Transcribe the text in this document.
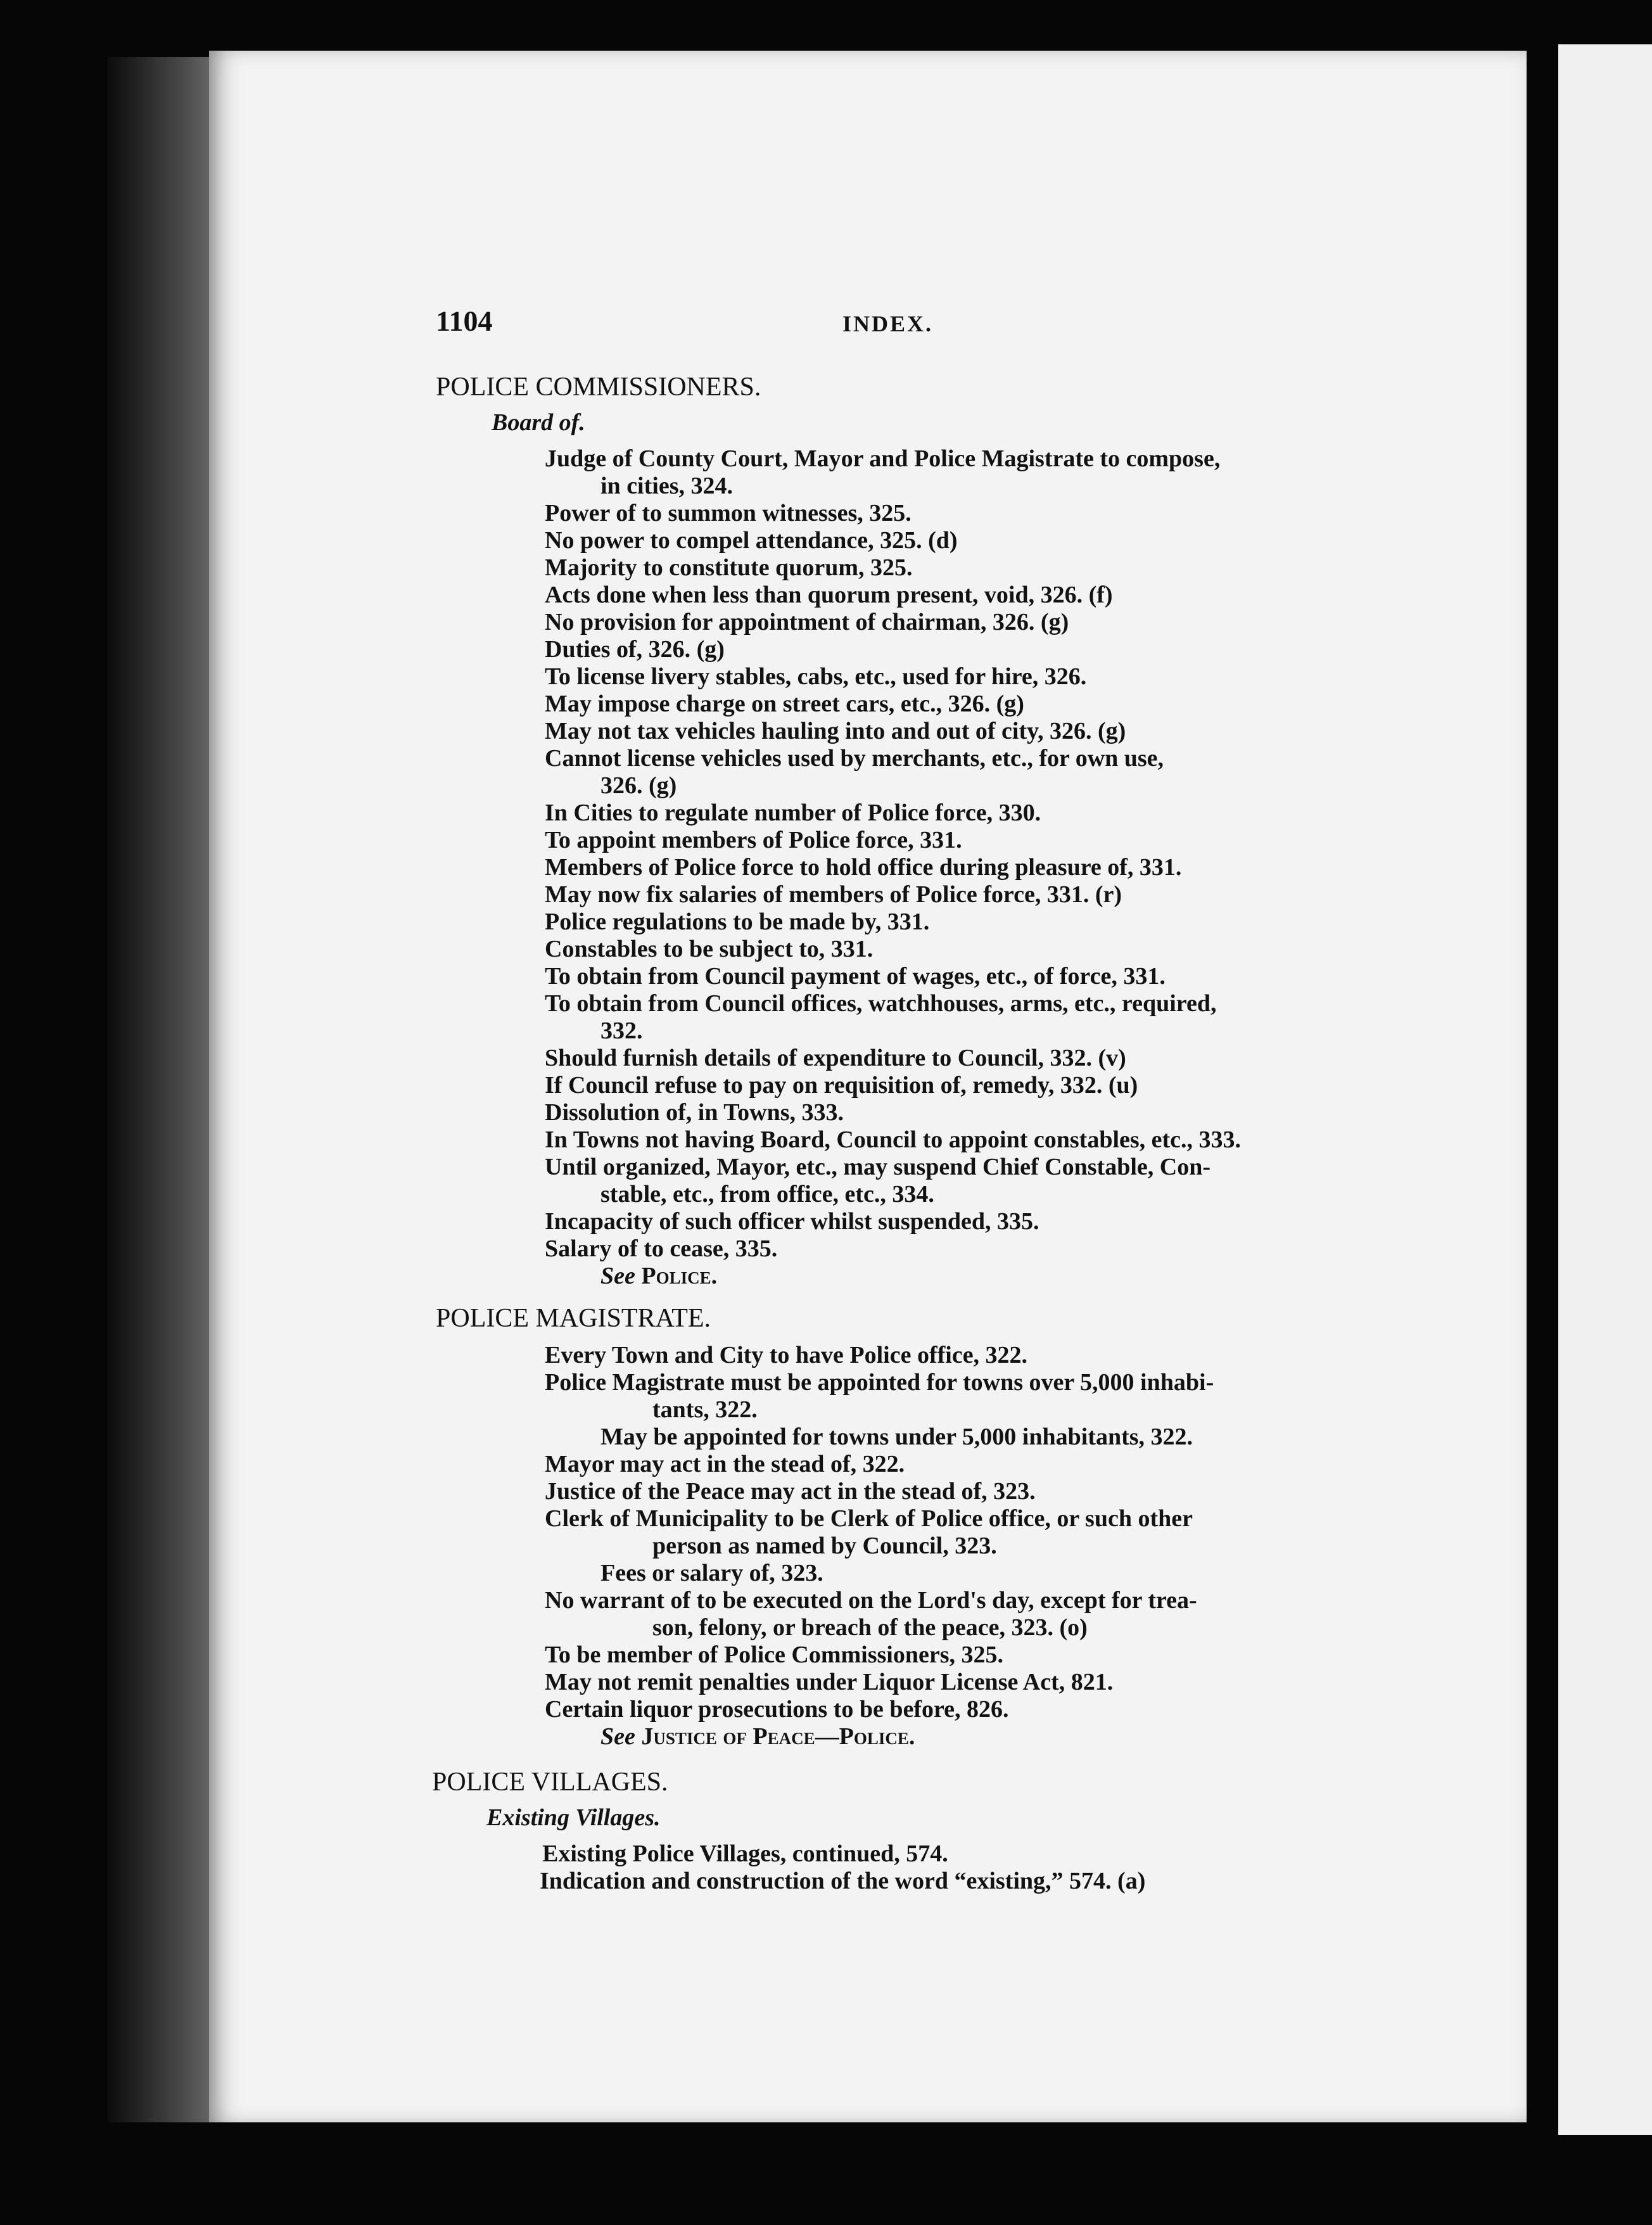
1104	INDEX.
POLICE COMMISSIONERS.
Board of.
Judge of County Court, Mayor and Police Magistrate to compose,
in cities, 324.
Power of to summon witnesses, 325.
No power to compel attendance, 325. (d)
Majority to constitute quorum, 325.
Acts done when less than quorum present, void, 326. (f)
No provision for appointment of chairman, 326. (g)
Duties of, 326. (g)
To license livery stables, cabs, etc., used for hire, 326.
May impose charge on street cars, etc., 326. (g)
May not tax vehicles hauling into and out of city, 326. (g)
Cannot license vehicles used by merchants, etc., for own use,
326. (g)
In Cities to regulate number of Police force, 330.
To appoint members of Police force, 331.
Members of Police force to hold office during pleasure of, 331.
May now fix salaries of members of Police force, 331. (r)
Police regulations to be made by, 331.
Constables to be subject to, 331.
To obtain from Council payment of wages, etc., of force, 331.
To obtain from Council offices, watchhouses, arms, etc., required,
332.
Should furnish details of expenditure to Council, 332. (v)
If Council refuse to pay on requisition of, remedy, 332. (u)
Dissolution of, in Towns, 333.
In Towns not having Board, Council to appoint constables, etc., 333.
Until organized, Mayor, etc., may suspend Chief Constable, Con-
stable, etc., from office, etc., 334.
Incapacity of such officer whilst suspended, 335.
Salary of to cease, 335.
See Police.
POLICE MAGISTRATE.
Every Town and City to have Police office, 322.
Police Magistrate must be appointed for towns over 5,000 inhabi-
tants, 322.
May be appointed for towns under 5,000 inhabitants, 322.
Mayor may act in the stead of, 322.
Justice of the Peace may act in the stead of, 323.
Clerk of Municipality to be Clerk of Police office, or such other
person as named by Council, 323.
Fees or salary of, 323.
No warrant of to be executed on the Lord's day, except for trea-
son, felony, or breach of the peace, 323. (o)
To be member of Police Commissioners, 325.
May not remit penalties under Liquor License Act, 821.
Certain liquor prosecutions to be before, 826.
See Justice of Peace—Police.
POLICE VILLAGES.
Existing Villages.
Existing Police Villages, continued, 574.
Indication and construction of the word “existing,” 574. (a)
